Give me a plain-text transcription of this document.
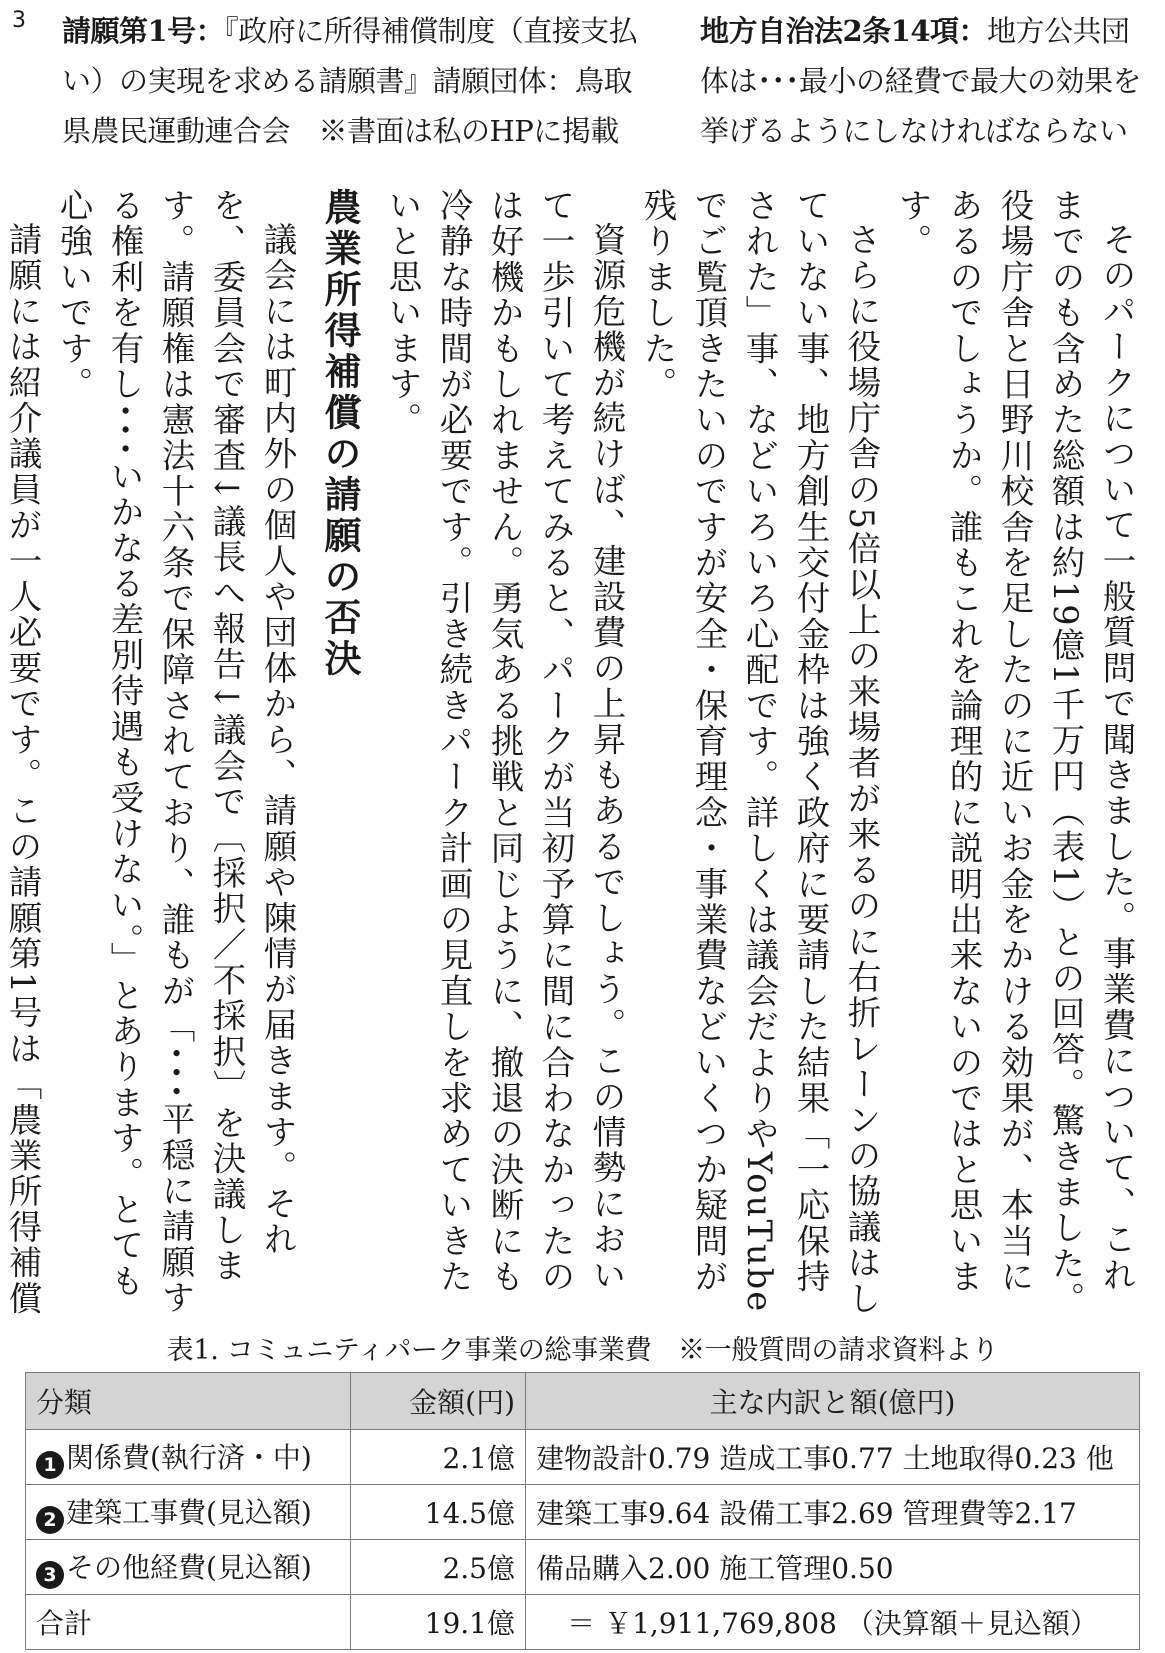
3 請願第1号：『政府に所得補償制度（直接支払い）の実現を求める請願書』請願団体：鳥取県農民運動連合会　※書面は私のHPに掲載
地方自治法2条14項：地方公共団体は･･･最小の経費で最大の効果を挙げるようにしなければならない

そのパークについて一般質問で聞きました。事業費について、これまでのも含めた総額は約19億1千万円（表1）との回答。驚きました。役場庁舎と日野川校舎を足したのに近いお金をかける効果が、本当にあるのでしょうか。誰もこれを論理的に説明出来ないのではと思います。

さらに役場庁舎の5倍以上の来場者が来るのに右折レーンの協議はしていない事、地方創生交付金枠は強く政府に要請した結果「一応保持された」事、などいろいろ心配です。詳しくは議会だよりやYouTubeでご覧頂きたいのですが安全・保育理念・事業費などいくつか疑問が残りました。

資源危機が続けば、建設費の上昇もあるでしょう。この情勢において一歩引いて考えてみると、パークが当初予算に間に合わなかったのは好機かもしれません。勇気ある挑戦と同じように、撤退の決断にも冷静な時間が必要です。引き続きパーク計画の見直しを求めていきたいと思います。

農業所得補償の請願の否決

議会には町内外の個人や団体から、請願や陳情が届きます。それを、委員会で審査↓議長へ報告↓議会で〔採択／不採択〕を決議します。請願権は憲法十六条で保障されており、誰もが「･･･平穏に請願する権利を有し･･･いかなる差別待遇も受けない。」とあります。とても心強いです。

請願には紹介議員が一人必要です。この請願第1号は「農業所得補償

表1. コミュニティパーク事業の総事業費　※一般質問の請求資料より
分類	金額(円)	主な内訳と額(億円)
1 関係費(執行済・中)	2.1億	建物設計0.79 造成工事0.77 土地取得0.23 他
2 建築工事費(見込額)	14.5億	建築工事9.64 設備工事2.69 管理費等2.17
3 その他経費(見込額)	2.5億	備品購入2.00 施工管理0.50
合計	19.1億	＝ ￥1,911,769,808 （決算額＋見込額）
